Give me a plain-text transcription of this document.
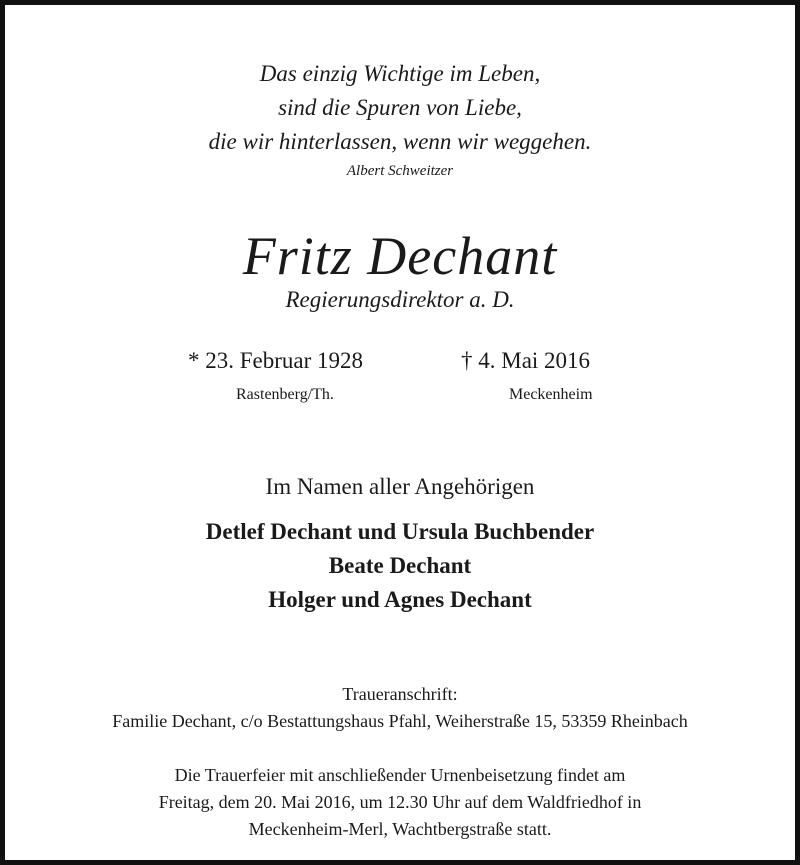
Das einzig Wichtige im Leben,
sind die Spuren von Liebe,
die wir hinterlassen, wenn wir weggehen.
Albert Schweitzer
Fritz Dechant
Regierungsdirektor a. D.
* 23. Februar 1928
Rastenberg/Th.
† 4. Mai 2016
Meckenheim
Im Namen aller Angehörigen
Detlef Dechant und Ursula Buchbender
Beate Dechant
Holger und Agnes Dechant
Traueranschrift:
Familie Dechant, c/o Bestattungshaus Pfahl, Weiherstraße 15, 53359 Rheinbach
Die Trauerfeier mit anschließender Urnenbeisetzung findet am
Freitag, dem 20. Mai 2016, um 12.30 Uhr auf dem Waldfriedhof in
Meckenheim-Merl, Wachtbergstraße statt.
